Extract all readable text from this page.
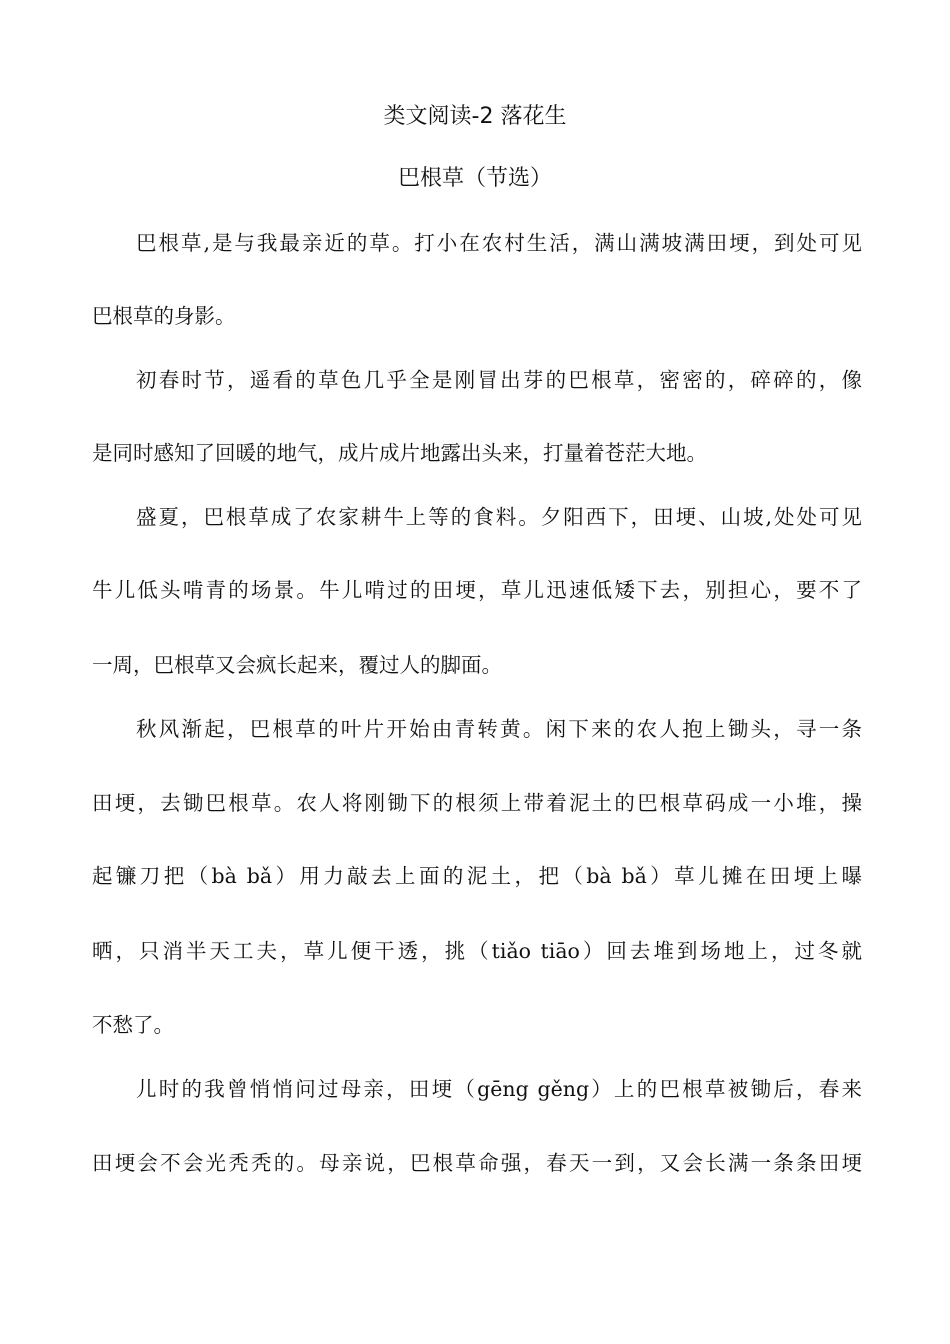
类文阅读-2 落花生
巴根草（节选）

巴根草,是与我最亲近的草。打小在农村生活，满山满坡满田埂，到处可见

巴根草的身影。

初春时节，遥看的草色几乎全是刚冒出芽的巴根草，密密的，碎碎的，像

是同时感知了回暖的地气，成片成片地露出头来，打量着苍茫大地。

盛夏，巴根草成了农家耕牛上等的食料。夕阳西下，田埂、山坡,处处可见

牛儿低头啃青的场景。牛儿啃过的田埂，草儿迅速低矮下去，别担心，要不了

一周，巴根草又会疯长起来，覆过人的脚面。

秋风渐起，巴根草的叶片开始由青转黄。闲下来的农人抱上锄头，寻一条

田埂，去锄巴根草。农人将刚锄下的根须上带着泥土的巴根草码成一小堆，操

起镰刀把（bà bǎ）用力敲去上面的泥土，把（bà bǎ）草儿摊在田埂上曝

晒，只消半天工夫，草儿便干透，挑（tiǎo tiāo）回去堆到场地上，过冬就

不愁了。

儿时的我曾悄悄问过母亲，田埂（gēng gěng）上的巴根草被锄后，春来

田埂会不会光秃秃的。母亲说，巴根草命强，春天一到，又会长满一条条田埂
